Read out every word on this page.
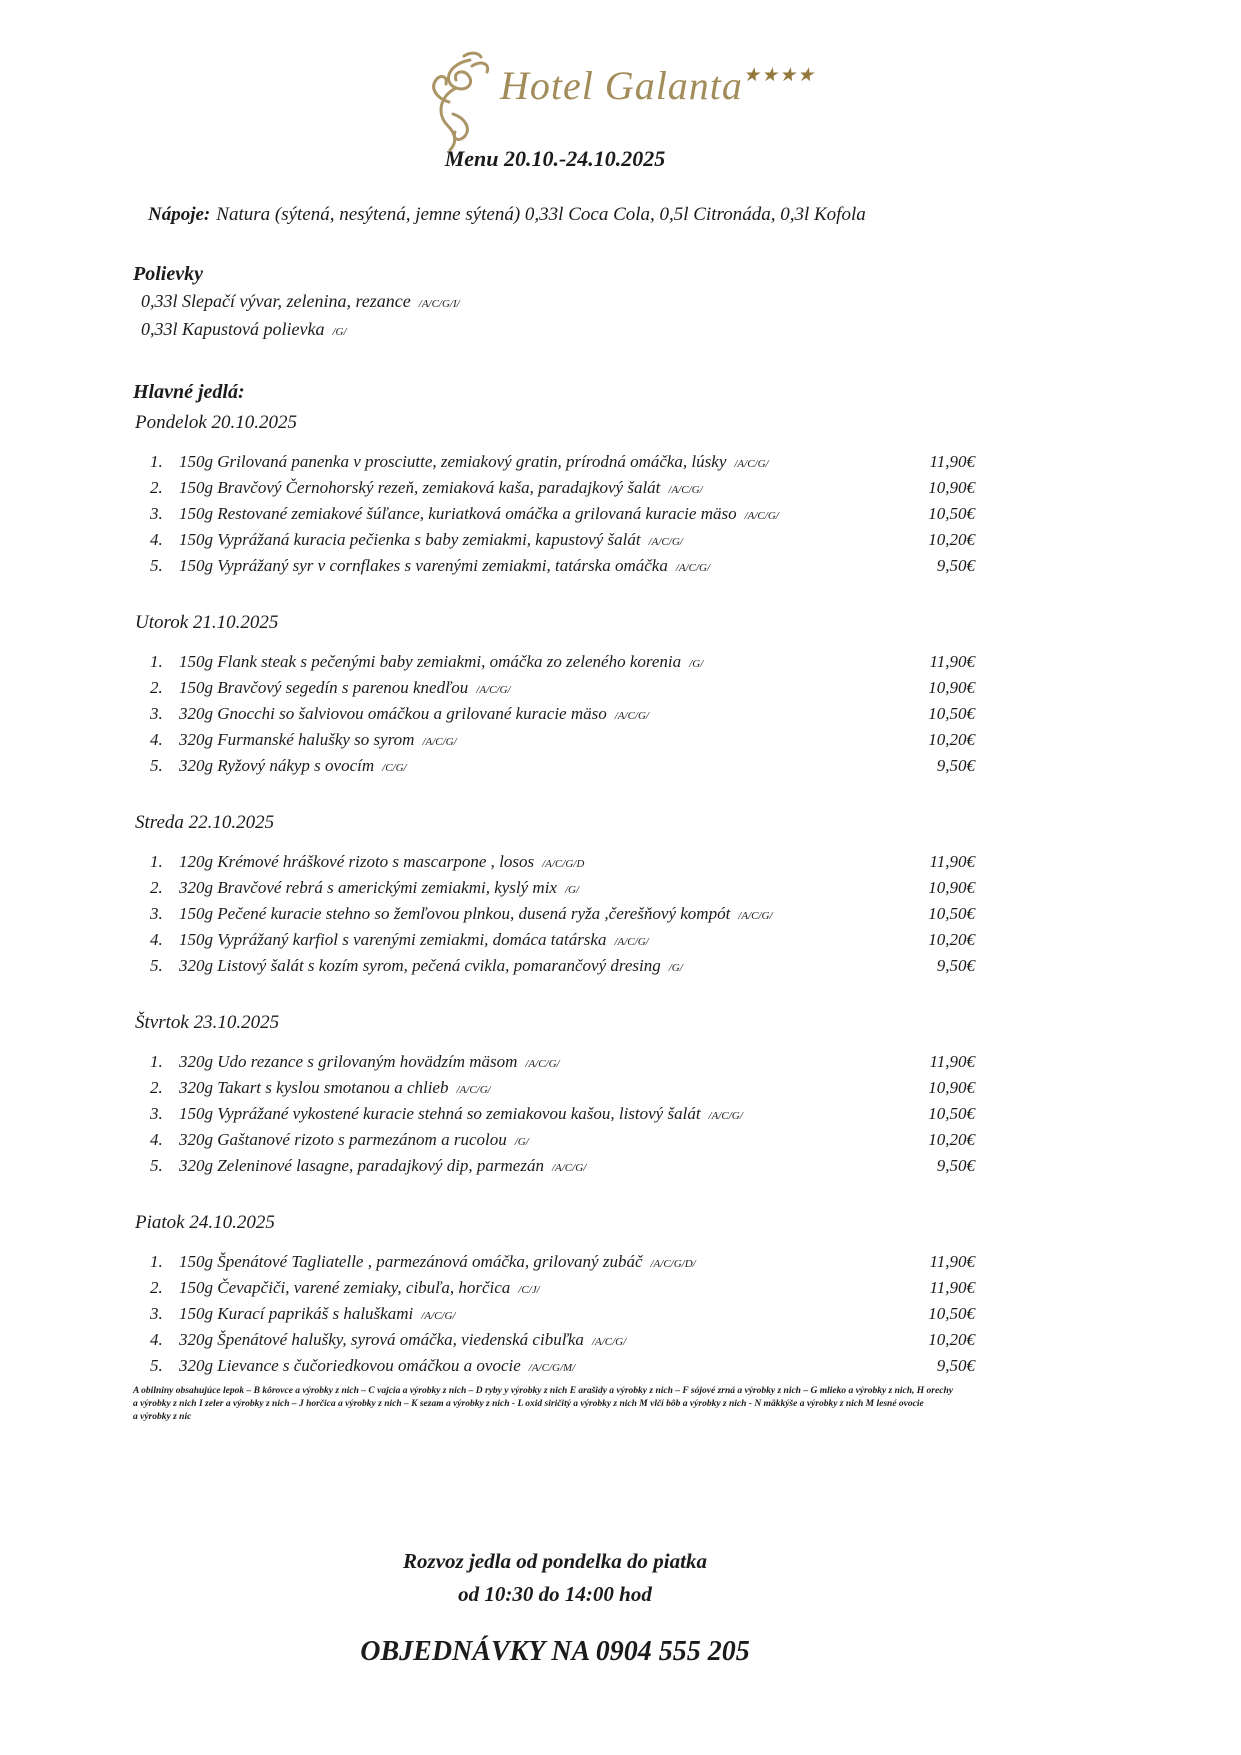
Hotel Galanta ★★★★
Menu 20.10.-24.10.2025
Nápoje: Natura (sýtená, nesýtená, jemne sýtená) 0,33l Coca Cola, 0,5l Citronáda, 0,3l Kofola
Polievky
0,33l Slepačí vývar, zelenina, rezance /A/C/G/I/
0,33l Kapustová polievka /G/
Hlavné jedlá:
Pondelok 20.10.2025
1. 150g Grilovaná panenka v prosciutte, zemiakový gratin, prírodná omáčka, lúsky /A/C/G/	11,90€
2. 150g Bravčový Černohorský rezeň, zemiaková kaša, paradajkový šalát /A/C/G/	10,90€
3. 150g Restované zemiakové šúľance, kuriatková omáčka a grilovaná kuracie mäso /A/C/G/	10,50€
4. 150g Vyprážaná kuracia pečienka s baby zemiakmi, kapustový šalát /A/C/G/	10,20€
5. 150g Vyprážaný syr v cornflakes s varenými zemiakmi, tatárska omáčka /A/C/G/	9,50€
Utorok 21.10.2025
1. 150g Flank steak s pečenými baby zemiakmi, omáčka zo zeleného korenia /G/	11,90€
2. 150g Bravčový segedín s parenou knedľou /A/C/G/	10,90€
3. 320g Gnocchi so šalviovou omáčkou a grilované kuracie mäso /A/C/G/	10,50€
4. 320g Furmanské halušky so syrom /A/C/G/	10,20€
5. 320g Ryžový nákyp s ovocím /C/G/	9,50€
Streda 22.10.2025
1. 120g Krémové hráškové rizoto s mascarpone , losos /A/C/G/D	11,90€
2. 320g Bravčové rebrá s americkými zemiakmi, kyslý mix /G/	10,90€
3. 150g Pečené kuracie stehno so žemľovou plnkou, dusená ryža ,čerešňový kompót /A/C/G/	10,50€
4. 150g Vyprážaný karfiol s varenými zemiakmi, domáca tatárska /A/C/G/	10,20€
5. 320g Listový šalát s kozím syrom, pečená cvikla, pomarančový dresing /G/	9,50€
Štvrtok 23.10.2025
1. 320g Udo rezance s grilovaným hovädzím mäsom /A/C/G/	11,90€
2. 320g Takart s kyslou smotanou a chlieb /A/C/G/	10,90€
3. 150g Vyprážané vykostené kuracie stehná so zemiakovou kašou, listový šalát /A/C/G/	10,50€
4. 320g Gaštanové rizoto s parmezánom a rucolou /G/	10,20€
5. 320g Zeleninové lasagne, paradajkový dip, parmezán /A/C/G/	9,50€
Piatok 24.10.2025
1. 150g Špenátové Tagliatelle , parmezánová omáčka, grilovaný zubáč /A/C/G/D/	11,90€
2. 150g Čevapčiči, varené zemiaky, cibuľa, horčica /C/J/	11,90€
3. 150g Kurací paprikáš s haluškami /A/C/G/	10,50€
4. 320g Špenátové halušky, syrová omáčka, viedenská cibuľka /A/C/G/	10,20€
5. 320g Lievance s čučoriedkovou omáčkou a ovocie /A/C/G/M/	9,50€
A obilniny obsahujúce lepok – B kôrovce a výrobky z nich – C vajcia a výrobky z nich – D ryby y výrobky z nich E arašidy a výrobky z nich – F sójové zrná a výrobky z nich – G mlieko a výrobky z nich, H orechy
a výrobky z nich I zeler a výrobky z nich – J horčica a výrobky z nich – K sezam a výrobky z nich - L oxid siričitý a výrobky z nich M vlčí bôb a výrobky z nich - N mäkkýše a výrobky z nich M lesné ovocie
a výrobky z nic
Rozvoz jedla od pondelka do piatka
od 10:30 do 14:00 hod
OBJEDNÁVKY NA 0904 555 205
